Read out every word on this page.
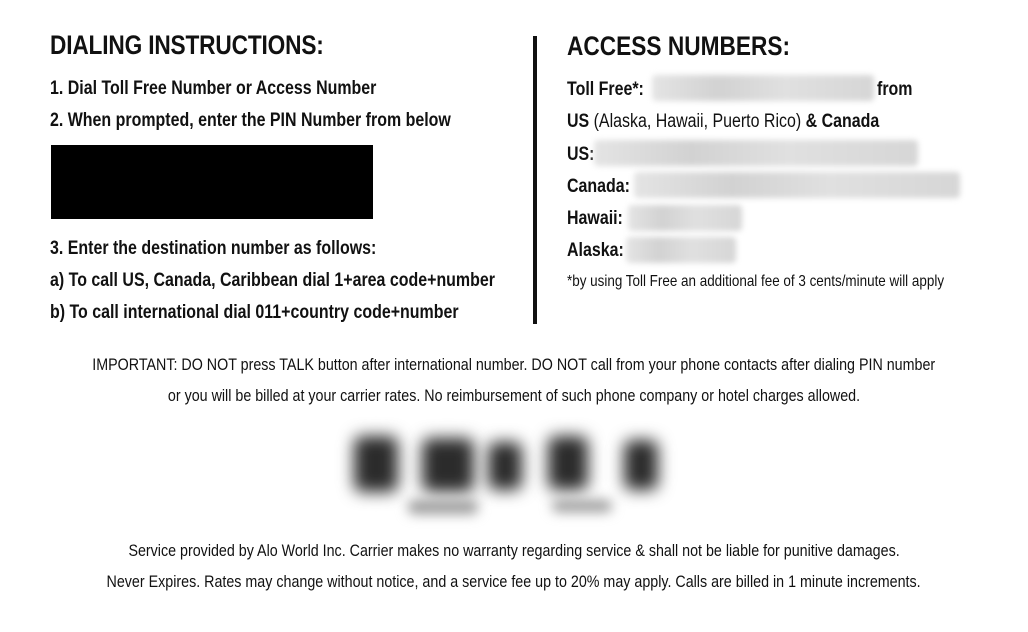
DIALING INSTRUCTIONS:
1. Dial Toll Free Number or Access Number
2. When prompted, enter the PIN Number from below
3. Enter the destination number as follows:
a) To call US, Canada, Caribbean dial 1+area code+number
b) To call international dial 011+country code+number
ACCESS NUMBERS:
Toll Free*:	from
US (Alaska, Hawaii, Puerto Rico) & Canada
US:
Canada:
Hawaii:
Alaska:
*by using Toll Free an additional fee of 3 cents/minute will apply
IMPORTANT: DO NOT press TALK button after international number. DO NOT call from your phone contacts after dialing PIN number
or you will be billed at your carrier rates. No reimbursement of such phone company or hotel charges allowed.
Service provided by Alo World Inc. Carrier makes no warranty regarding service & shall not be liable for punitive damages.
Never Expires. Rates may change without notice, and a service fee up to 20% may apply. Calls are billed in 1 minute increments.
